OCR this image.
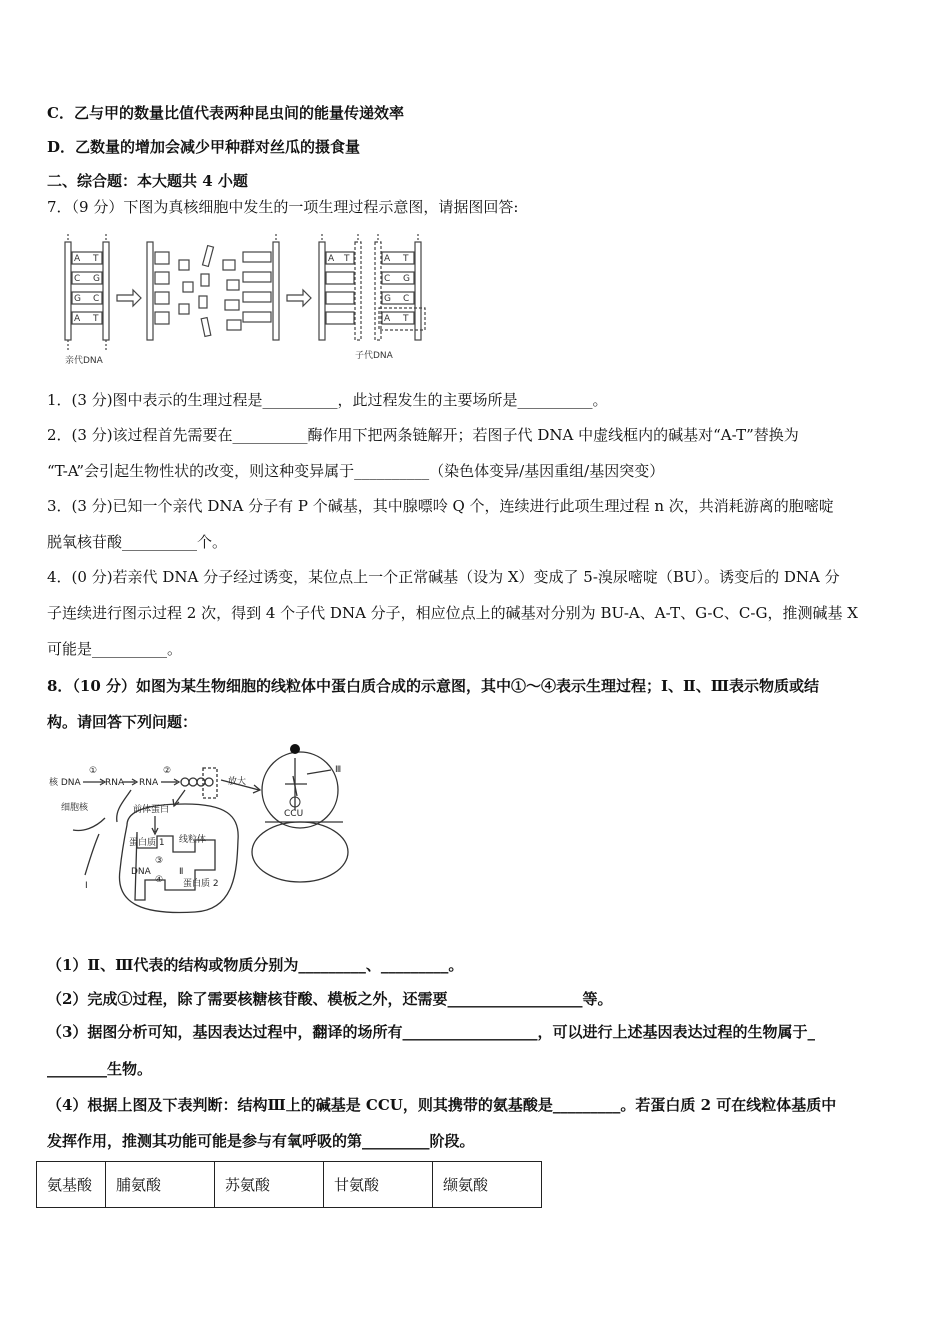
C．乙与甲的数量比值代表两种昆虫间的能量传递效率
D．乙数量的增加会减少甲种群对丝瓜的摄食量
二、综合题：本大题共 4 小题
7．（9 分）下图为真核细胞中发生的一项生理过程示意图，请据图回答:
A T
C G
G C
A T
A T	A T
C G
G C
A T
亲代DNA	子代DNA
1．(3 分)图中表示的生理过程是__________，此过程发生的主要场所是__________。
2．(3 分)该过程首先需要在__________酶作用下把两条链解开；若图子代 DNA 中虚线框内的碱基对“A-T”替换为
“T-A”会引起生物性状的改变，则这种变异属于__________（染色体变异/基因重组/基因突变）
3．(3 分)已知一个亲代 DNA 分子有 P 个碱基，其中腺嘌呤 Q 个，连续进行此项生理过程 n 次，共消耗游离的胞嘧啶
脱氧核苷酸__________个。
4．(0 分)若亲代 DNA 分子经过诱变，某位点上一个正常碱基（设为 X）变成了 5-溴尿嘧啶（BU）。诱变后的 DNA 分
子连续进行图示过程 2 次，得到 4 个子代 DNA 分子，相应位点上的碱基对分别为 BU-A、A-T、G-C、C-G，推测碱基 X
可能是__________。
8．（10 分）如图为某生物细胞的线粒体中蛋白质合成的示意图，其中①～④表示生理过程；Ⅰ、Ⅱ、Ⅲ表示物质或结
构。请回答下列问题：
核 DNA
①
RNA RNA
②
细胞核	前体蛋白
线粒体
蛋白质 1
③
DNA
④
Ⅱ
蛋白质 2
Ⅰ
放大
Ⅲ
CCU
（1）Ⅱ、Ⅲ代表的结构或物质分别为_________、_________。
（2）完成①过程，除了需要核糖核苷酸、模板之外，还需要__________________等。
（3）据图分析可知，基因表达过程中，翻译的场所有__________________，可以进行上述基因表达过程的生物属于_
________生物。
（4）根据上图及下表判断：结构Ⅲ上的碱基是 CCU，则其携带的氨基酸是_________。若蛋白质 2 可在线粒体基质中
发挥作用，推测其功能可能是参与有氧呼吸的第_________阶段。
氨基酸	脯氨酸	苏氨酸	甘氨酸	缬氨酸
